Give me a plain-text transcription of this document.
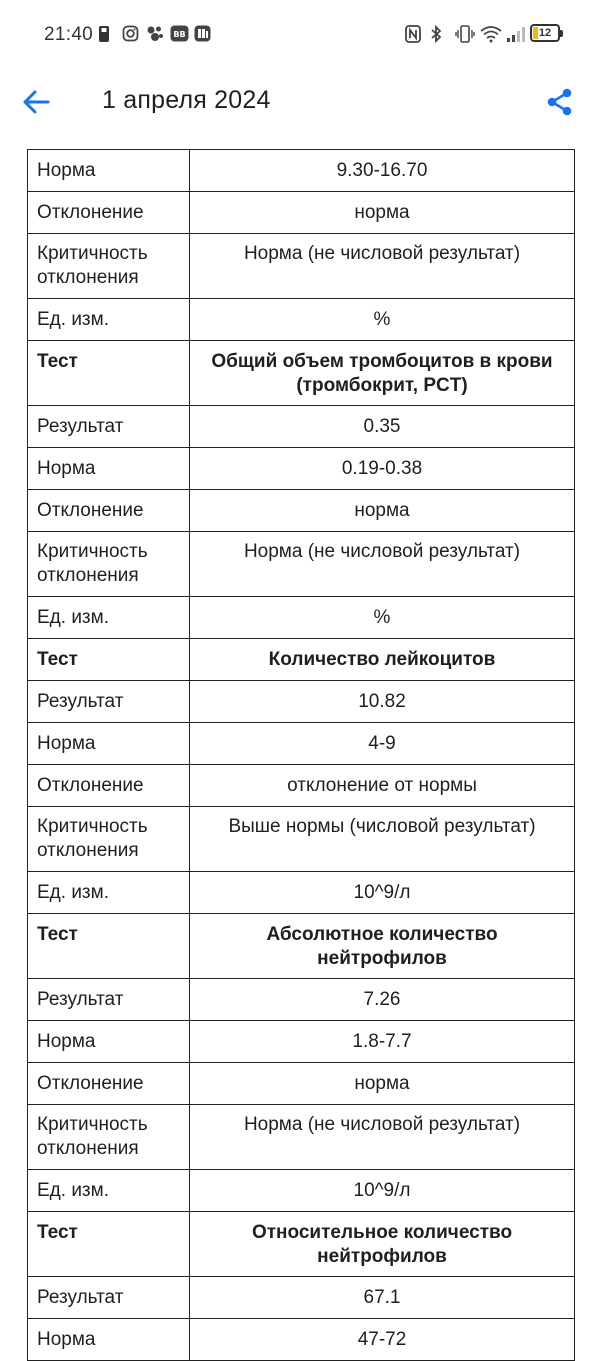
21:40	BB	12
1 апреля 2024
Норма	9.30-16.70
Отклонение	норма
Критичность отклонения	Норма (не числовой результат)
Ед. изм.	%
Тест	Общий объем тромбоцитов в крови (тромбокрит, PCT)
Результат	0.35
Норма	0.19-0.38
Отклонение	норма
Критичность отклонения	Норма (не числовой результат)
Ед. изм.	%
Тест	Количество лейкоцитов
Результат	10.82
Норма	4-9
Отклонение	отклонение от нормы
Критичность отклонения	Выше нормы (числовой результат)
Ед. изм.	10^9/л
Тест	Абсолютное количество нейтрофилов
Результат	7.26
Норма	1.8-7.7
Отклонение	норма
Критичность отклонения	Норма (не числовой результат)
Ед. изм.	10^9/л
Тест	Относительное количество нейтрофилов
Результат	67.1
Норма	47-72
